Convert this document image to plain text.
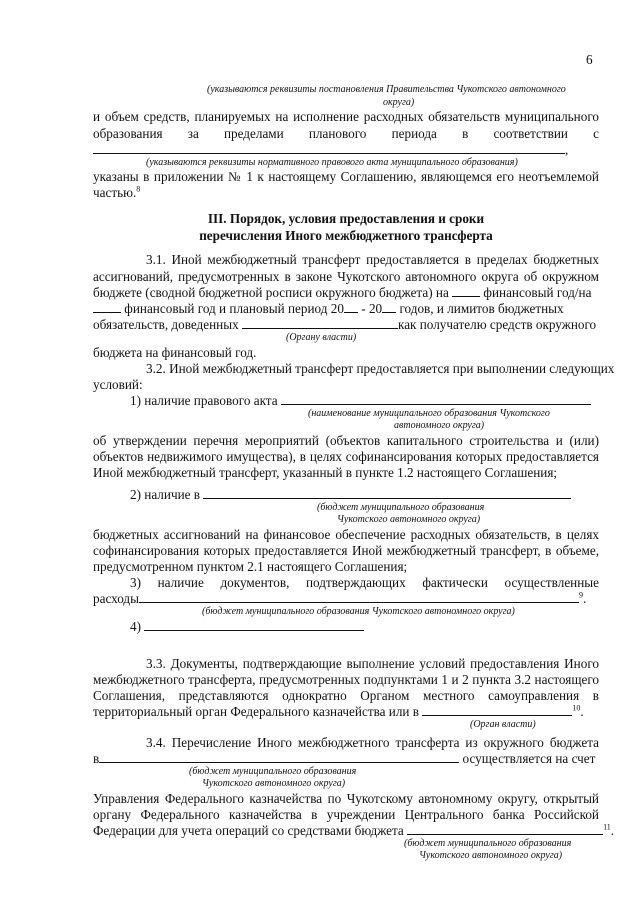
6
(указываются реквизиты постановления Правительства Чукотского автономного
округа)
и объем средств, планируемых на исполнение расходных обязательств муниципального
образования за пределами планового периода в соответствии с
,
(указываются реквизиты нормативного правового акта муниципального образования)
указаны в приложении № 1 к настоящему Соглашению, являющемся его неотъемлемой
частью.$^8$
III. Порядок, условия предоставления и сроки
перечисления Иного межбюджетного трансферта
3.1. Иной межбюджетный трансферт предоставляется в пределах бюджетных
ассигнований, предусмотренных в законе Чукотского автономного округа об окружном
бюджете (сводной бюджетной росписи окружного бюджета) на	финансовый год/на
финансовый год и плановый период 20 - 20 годов, и лимитов бюджетных
обязательств, доведенных	как получателю средств окружного
(Органу власти)
бюджета на финансовый год.
3.2. Иной межбюджетный трансферт предоставляется при выполнении следующих
условий:
1) наличие правового акта
(наименование муниципального образования Чукотского
автономного округа)
об утверждении перечня мероприятий (объектов капитального строительства и (или)
объектов недвижимого имущества), в целях софинансирования которых предоставляется
Иной межбюджетный трансферт, указанный в пункте 1.2 настоящего Соглашения;
2) наличие в
(бюджет муниципального образования
Чукотского автономного округа)
бюджетных ассигнований на финансовое обеспечение расходных обязательств, в целях
софинансирования которых предоставляется Иной межбюджетный трансферт, в объеме,
предусмотренном пунктом 2.1 настоящего Соглашения;
3) наличие документов, подтверждающих фактически осуществленные
расходы	$^9$.
(бюджет муниципального образования Чукотского автономного округа)
4)
3.3. Документы, подтверждающие выполнение условий предоставления Иного
межбюджетного трансферта, предусмотренных подпунктами 1 и 2 пункта 3.2 настоящего
Соглашения, представляются однократно Органом местного самоуправления в
территориальный орган Федерального казначейства или в	$^{10}$.
(Орган власти)
3.4. Перечисление Иного межбюджетного трансферта из окружного бюджета
в	осуществляется на счет
(бюджет муниципального образования
Чукотского автономного округа)
Управления Федерального казначейства по Чукотскому автономному округу, открытый
органу Федерального казначейства в учреждении Центрального банка Российской
Федерации для учета операций со средствами бюджета	$^{11}$.
(бюджет муниципального образования
Чукотского автономного округа)
